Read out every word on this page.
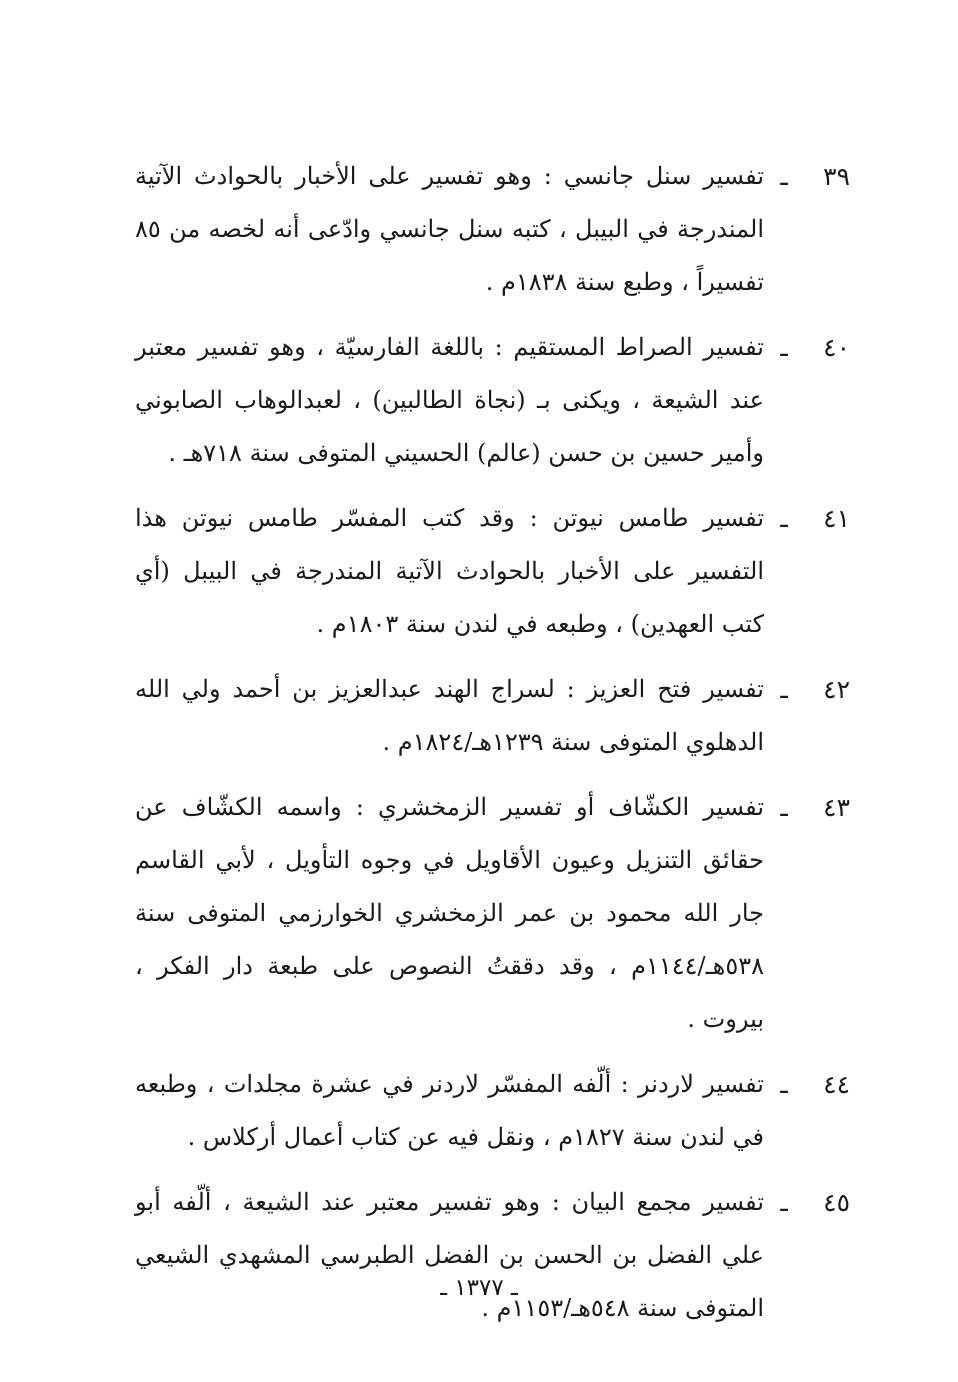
٣٩
ـ
تفسير سنل جانسي : وهو تفسير على الأخبار بالحوادث الآتية المندرجة في البيبل ، كتبه سنل جانسي وادّعى أنه لخصه من ٨٥ تفسيراً ، وطبع سنة ١٨٣٨م .
٤٠
ـ
تفسير الصراط المستقيم : باللغة الفارسيّة ، وهو تفسير معتبر عند الشيعة ، ويكنى بـ (نجاة الطالبين) ، لعبدالوهاب الصابوني وأمير حسين بن حسن (عالم) الحسيني المتوفى سنة ٧١٨هـ .
٤١
ـ
تفسير طامس نيوتن : وقد كتب المفسّر طامس نيوتن هذا التفسير على الأخبار بالحوادث الآتية المندرجة في البيبل (أي كتب العهدين) ، وطبعه في لندن سنة ١٨٠٣م .
٤٢
ـ
تفسير فتح العزيز : لسراج الهند عبدالعزيز بن أحمد ولي الله الدهلوي المتوفى سنة ١٢٣٩هـ/١٨٢٤م .
٤٣
ـ
تفسير الكشّاف أو تفسير الزمخشري : واسمه الكشّاف عن حقائق التنزيل وعيون الأقاويل في وجوه التأويل ، لأبي القاسم جار الله محمود بن عمر الزمخشري الخوارزمي المتوفى سنة ٥٣٨هـ/١١٤٤م ، وقد دققتُ النصوص على طبعة دار الفكر ، بيروت .
٤٤
ـ
تفسير لاردنر : ألّفه المفسّر لاردنر في عشرة مجلدات ، وطبعه في لندن سنة ١٨٢٧م ، ونقل فيه عن كتاب أعمال أركلاس .
٤٥
ـ
تفسير مجمع البيان : وهو تفسير معتبر عند الشيعة ، ألّفه أبو علي الفضل بن الحسن بن الفضل الطبرسي المشهدي الشيعي المتوفى سنة ٥٤٨هـ/١١٥٣م .
ـ ١٣٧٧ ـ
